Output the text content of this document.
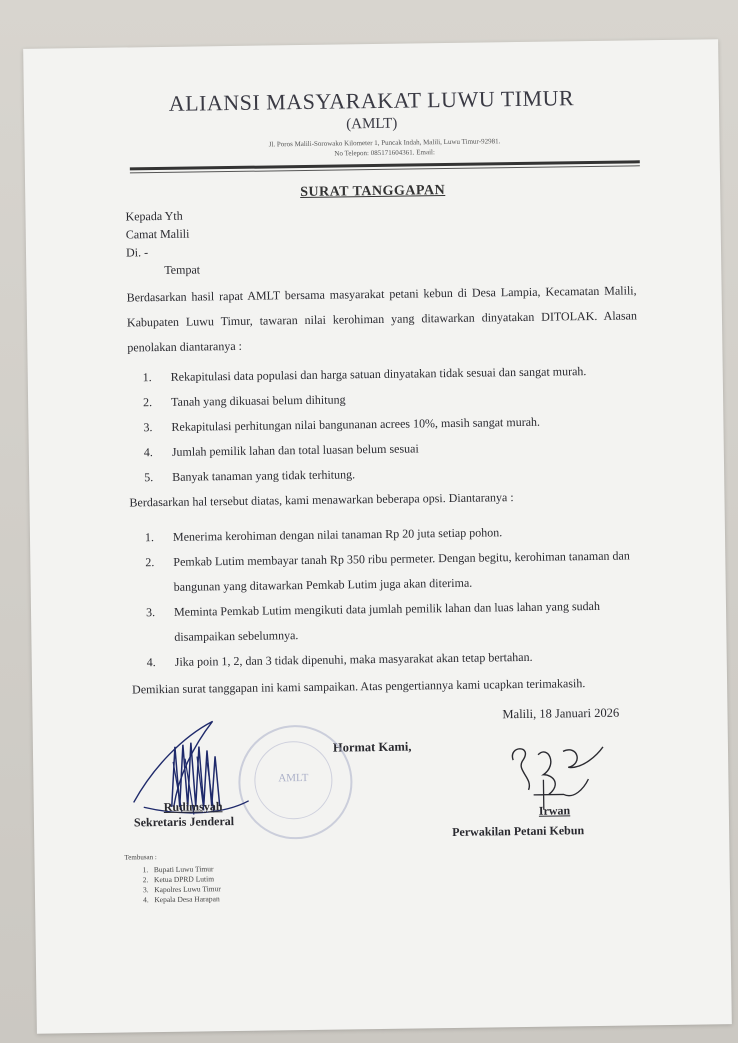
ALIANSI MASYARAKAT LUWU TIMUR
(AMLT)
Jl. Poros Malili-Sorowako Kilometer 1, Puncak Indah, Malili, Luwu Timur-92981.
No Telepon: 085171604361. Email:
SURAT TANGGAPAN
Kepada Yth
Camat Malili
Di. -
Tempat
Berdasarkan hasil rapat AMLT bersama masyarakat petani kebun di Desa Lampia, Kecamatan Malili, Kabupaten Luwu Timur, tawaran nilai kerohiman yang ditawarkan dinyatakan DITOLAK. Alasan penolakan diantaranya :
1. Rekapitulasi data populasi dan harga satuan dinyatakan tidak sesuai dan sangat murah.
2. Tanah yang dikuasai belum dihitung
3. Rekapitulasi perhitungan nilai bangunanan acrees 10%, masih sangat murah.
4. Jumlah pemilik lahan dan total luasan belum sesuai
5. Banyak tanaman yang tidak terhitung.
Berdasarkan hal tersebut diatas, kami menawarkan beberapa opsi. Diantaranya :
1. Menerima kerohiman dengan nilai tanaman Rp 20 juta setiap pohon.
2. Pemkab Lutim membayar tanah Rp 350 ribu permeter. Dengan begitu, kerohiman tanaman dan bangunan yang ditawarkan Pemkab Lutim juga akan diterima.
3. Meminta Pemkab Lutim mengikuti data jumlah pemilik lahan dan luas lahan yang sudah disampaikan sebelumnya.
4. Jika poin 1, 2, dan 3 tidak dipenuhi, maka masyarakat akan tetap bertahan.
Demikian surat tanggapan ini kami sampaikan. Atas pengertiannya kami ucapkan terimakasih.
Malili, 18 Januari 2026
Hormat Kami,
AMLT
Rudimsyah
Sekretaris Jenderal
Irwan
Perwakilan Petani Kebun
Tembusan :
1. Bupati Luwu Timur
2. Ketua DPRD Lutim
3. Kapolres Luwu Timur
4. Kepala Desa Harapan
